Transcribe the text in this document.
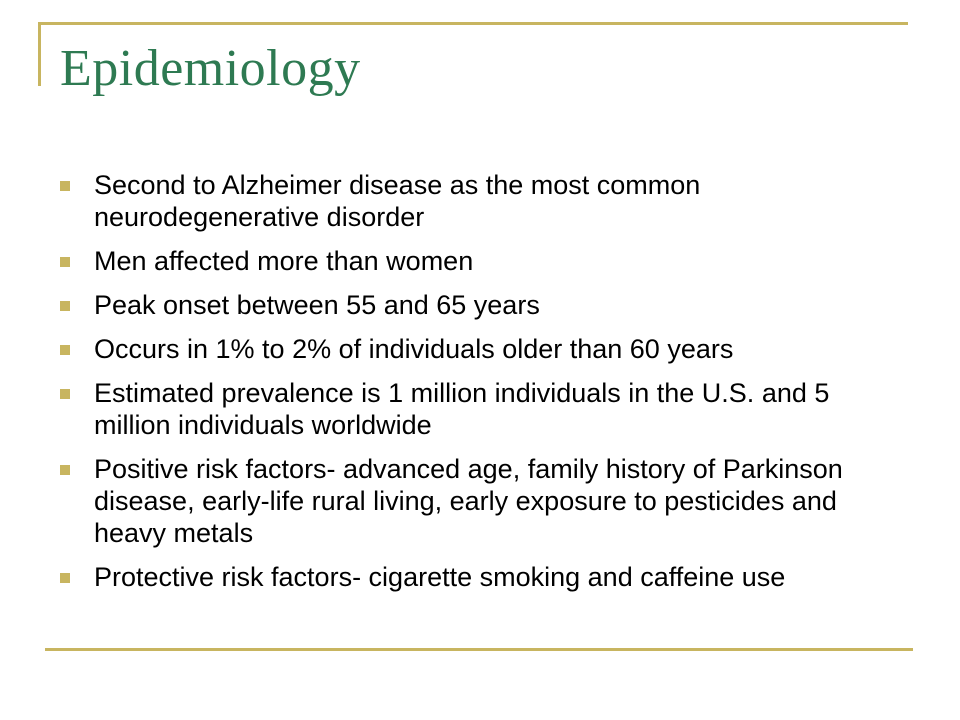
Epidemiology
Second to Alzheimer disease as the most common neurodegenerative disorder
Men affected more than women
Peak onset between 55 and 65 years
Occurs in 1% to 2% of individuals older than 60 years
Estimated prevalence is 1 million individuals in the U.S. and 5 million individuals worldwide
Positive risk factors- advanced age, family history of Parkinson disease, early-life rural living, early exposure to pesticides and heavy metals
Protective risk factors- cigarette smoking and caffeine use
